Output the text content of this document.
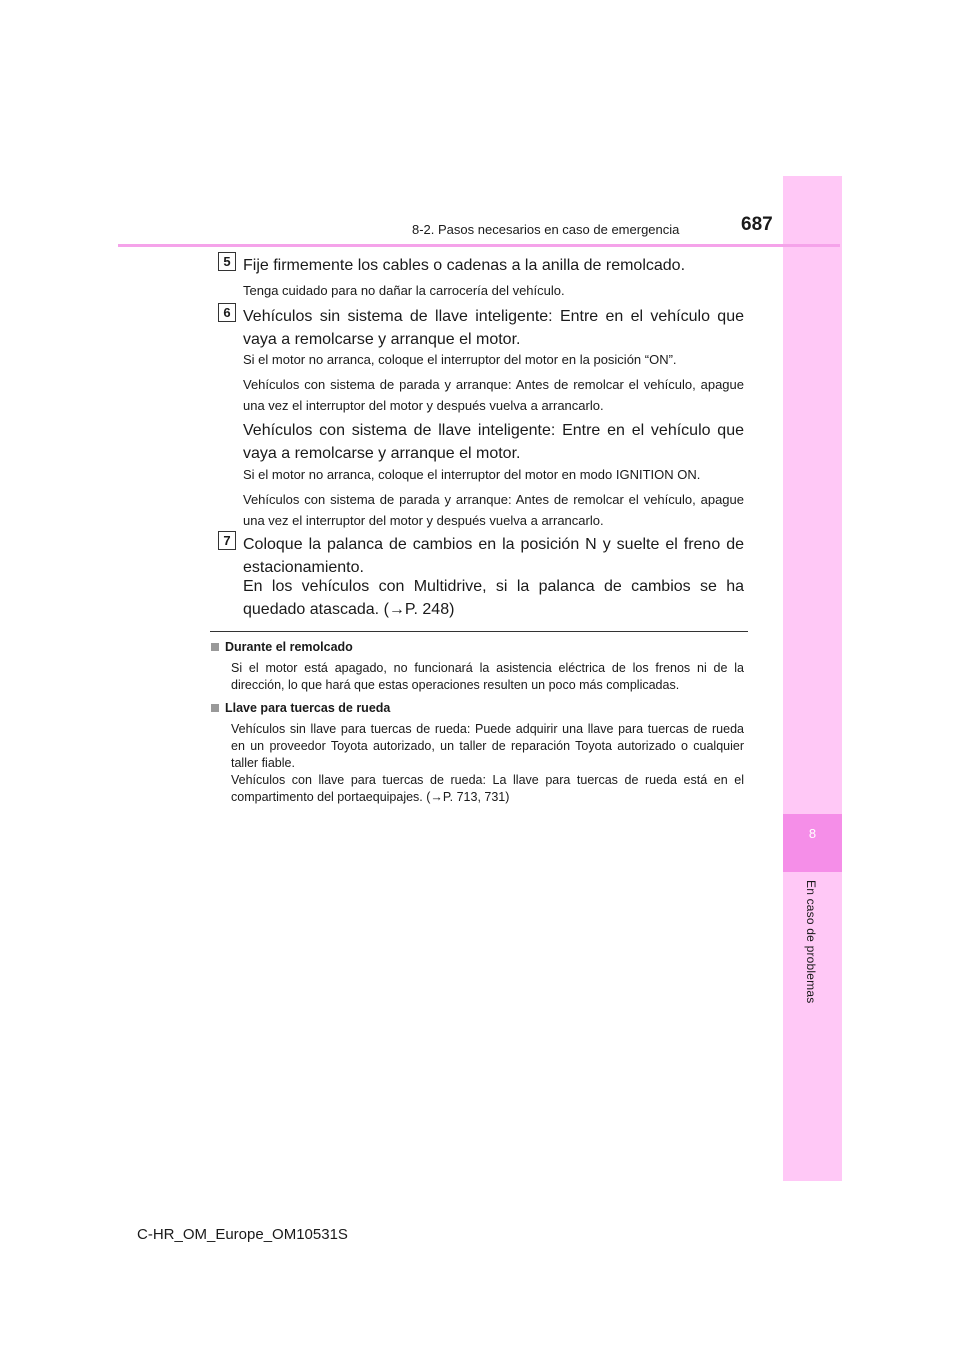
8
En caso de problemas
8-2. Pasos necesarios en caso de emergencia	687
5 Fije firmemente los cables o cadenas a la anilla de remolcado.
Tenga cuidado para no dañar la carrocería del vehículo.
6 Vehículos sin sistema de llave inteligente: Entre en el vehículo que vaya a remolcarse y arranque el motor.
Si el motor no arranca, coloque el interruptor del motor en la posición “ON”.
Vehículos con sistema de parada y arranque: Antes de remolcar el vehículo, apague una vez el interruptor del motor y después vuelva a arrancarlo.
Vehículos con sistema de llave inteligente: Entre en el vehículo que vaya a remolcarse y arranque el motor.
Si el motor no arranca, coloque el interruptor del motor en modo IGNITION ON.
Vehículos con sistema de parada y arranque: Antes de remolcar el vehículo, apague una vez el interruptor del motor y después vuelva a arrancarlo.
7 Coloque la palanca de cambios en la posición N y suelte el freno de estacionamiento.
En los vehículos con Multidrive, si la palanca de cambios se ha quedado atascada. (→P. 248)
Durante el remolcado
Si el motor está apagado, no funcionará la asistencia eléctrica de los frenos ni de la dirección, lo que hará que estas operaciones resulten un poco más complicadas.
Llave para tuercas de rueda
Vehículos sin llave para tuercas de rueda: Puede adquirir una llave para tuercas de rueda en un proveedor Toyota autorizado, un taller de reparación Toyota autorizado o cualquier taller fiable.
Vehículos con llave para tuercas de rueda: La llave para tuercas de rueda está en el compartimento del portaequipajes. (→P. 713, 731)
C-HR_OM_Europe_OM10531S
